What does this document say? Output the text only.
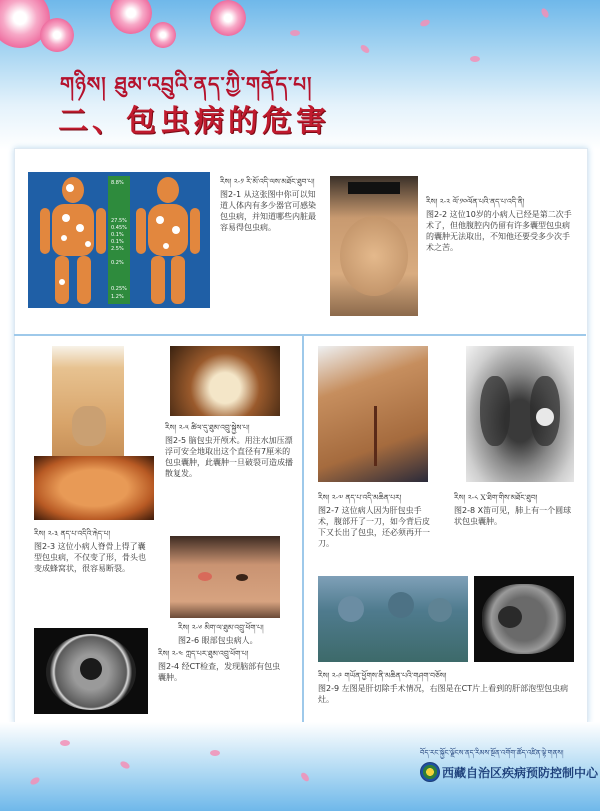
གཉིས། ཐུམ་འབྲུའི་ནད་ཀྱི་གནོད་པ།
二、包虫病的危害
8.8%
27.5%
0.45%
0.1%
0.1%
2.5%
0.2%
0.25%
1.2%
རིས། ༢-༡ རི་མོ་འདི་ལས་མཐོང་ཐུབ་པ།
图2-1 从这张图中你可以知道人体内有多少器官可感染包虫病，并知道哪些内脏最容易得包虫病。
རིས། ༢-༢ ལོ་༡༠ལོན་པའི་ནད་པ་འདི་ནི།
图2-2 这位10岁的小病人已经是第二次手术了，但他腹腔内仍留有许多囊型包虫病的囊肿无法取出，不知他还要受多少次手术之苦。
རིས། ༢-༥ ཚིལ་དུ་ཐུམ་འབྲུ་སྐྱེས་པ།
图2-5 脑包虫开颅术。用注水加压漂浮可安全地取出这个直径有7厘米的包虫囊肿，此囊肿一旦破裂可造成播散复发。
རིས། ༢-༣ ནད་པ་འདིའི་རྐེད་པ།
图2-3 这位小病人脊骨上得了囊型包虫病，不仅变了形，骨头也变成蜂窝状，很容易断裂。
རིས། ༢-༦ མིག་ལ་ཐུམ་འབྲུ་ཕོག་པ།
图2-6 眼部包虫病人。
རིས། ༢-༤ ཀླད་པར་ཐུམ་འབྲུ་ཕོག་པ།
图2-4 经CT检查，发现脑部有包虫囊肿。
རིས། ༢-༧ ནད་པ་འདི་མཆིན་པར།
图2-7 这位病人因为肝包虫手术，腹部开了一刀，如今背后皮下又长出了包虫，还必须再开一刀。
རིས། ༢-༨ X་ཐིག་གིས་མཐོང་ཐུབ།
图2-8 X笛可见，肺上有一个圆球状包虫囊肿。
རིས། ༢-༩ གཡོན་ཕྱོགས་ནི་མཆིན་པའི་གཤག་བཅོས།
图2-9 左图是肝切除手术情况，右图是在CT片上看到的肝部泡型包虫病灶。
བོད་རང་སྐྱོང་ལྗོངས་ནད་རིམས་སྔོན་འགོག་ཚོད་འཛིན་ལྟེ་གནས།
西藏自治区疾病预防控制中心
